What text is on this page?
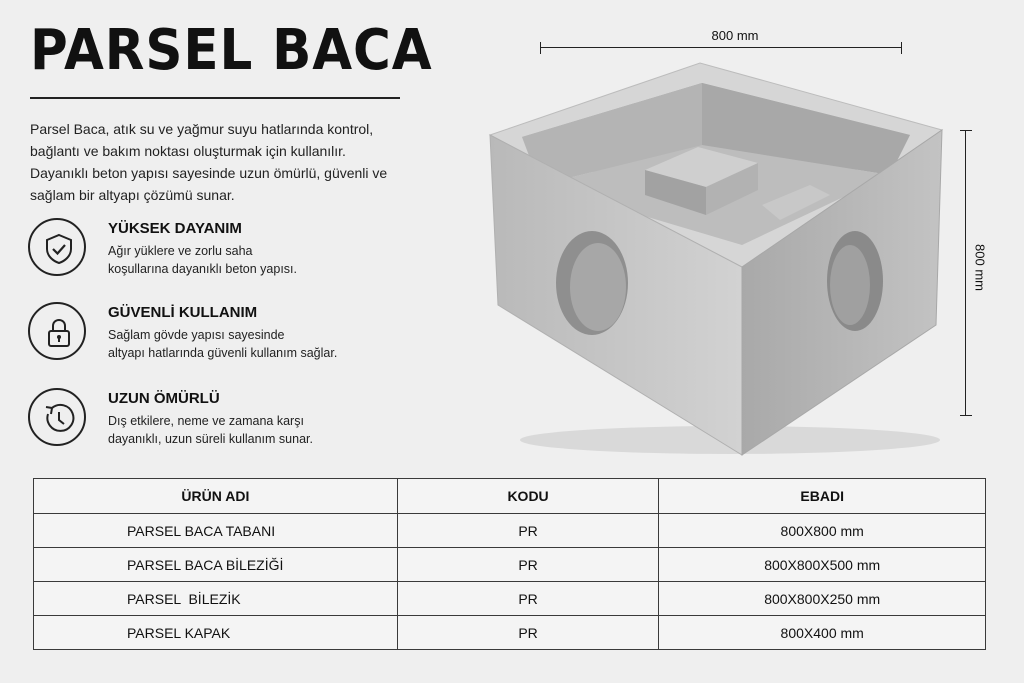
PARSEL BACA
Parsel Baca, atık su ve yağmur suyu hatlarında kontrol, bağlantı ve bakım noktası oluşturmak için kullanılır. Dayanıklı beton yapısı sayesinde uzun ömürlü, güvenli ve sağlam bir altyapı çözümü sunar.
YÜKSEK DAYANIM
Ağır yüklere ve zorlu saha
koşullarına dayanıklı beton yapısı.
GÜVENLİ KULLANIM
Sağlam gövde yapısı sayesinde
altyapı hatlarında güvenli kullanım sağlar.
UZUN ÖMÜRLÜ
Dış etkilere, neme ve zamana karşı
dayanıklı, uzun süreli kullanım sunar.
800 mm
800 mm
ÜRÜN ADI	KODU	EBADI
PARSEL BACA TABANI	PR	800X800 mm
PARSEL BACA BİLEZİĞİ	PR	800X800X500 mm
PARSEL  BİLEZİK	PR	800X800X250 mm
PARSEL KAPAK	PR	800X400 mm
